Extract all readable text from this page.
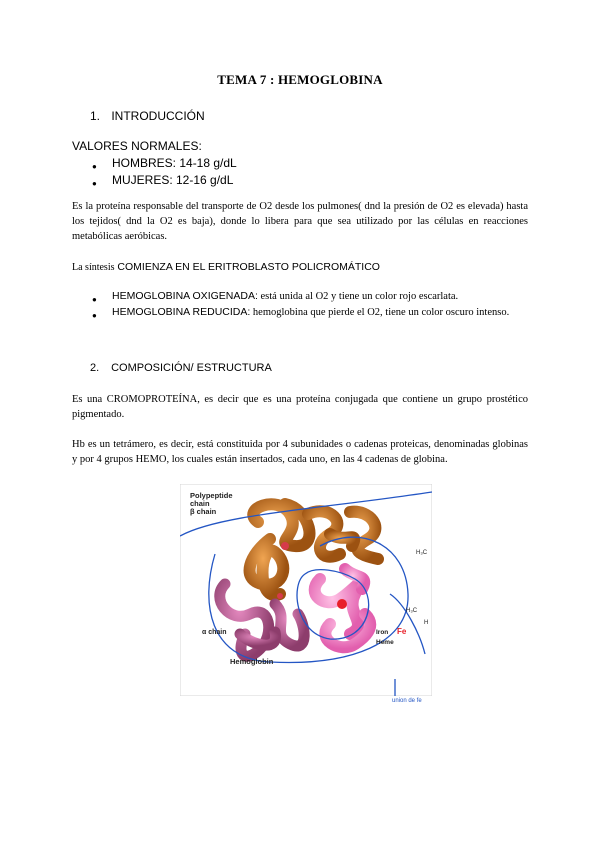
TEMA 7 : HEMOGLOBINA
1. INTRODUCCIÓN
VALORES NORMALES:
● HOMBRES: 14-18 g/dL
● MUJERES: 12-16 g/dL
Es la proteína responsable del transporte de O2 desde los pulmones( dnd la presión de O2 es elevada) hasta los tejidos( dnd la O2 es baja), donde lo libera para que sea utilizado por las células en reacciones metabólicas aeróbicas.
La síntesis COMIENZA EN EL ERITROBLASTO POLICROMÁTICO
● HEMOGLOBINA OXIGENADA: está unida al O2 y tiene un color rojo escarlata.
● HEMOGLOBINA REDUCIDA: hemoglobina que pierde el O2, tiene un color oscuro intenso.
2. COMPOSICIÓN/ ESTRUCTURA
Es una CROMOPROTEÍNA, es decir que es una proteína conjugada que contiene un grupo prostético pigmentado.
Hb es un tetrámero, es decir, está constituida por 4 subunidades o cadenas proteicas, denominadas globinas y por 4 grupos HEMO, los cuales están insertados, cada uno, en las 4 cadenas de globina.
Polypeptide
chain
β chain
α chain	Iron
Heme
Fe
Hemoglobin
H₃C
H₃C
H
union de fe
